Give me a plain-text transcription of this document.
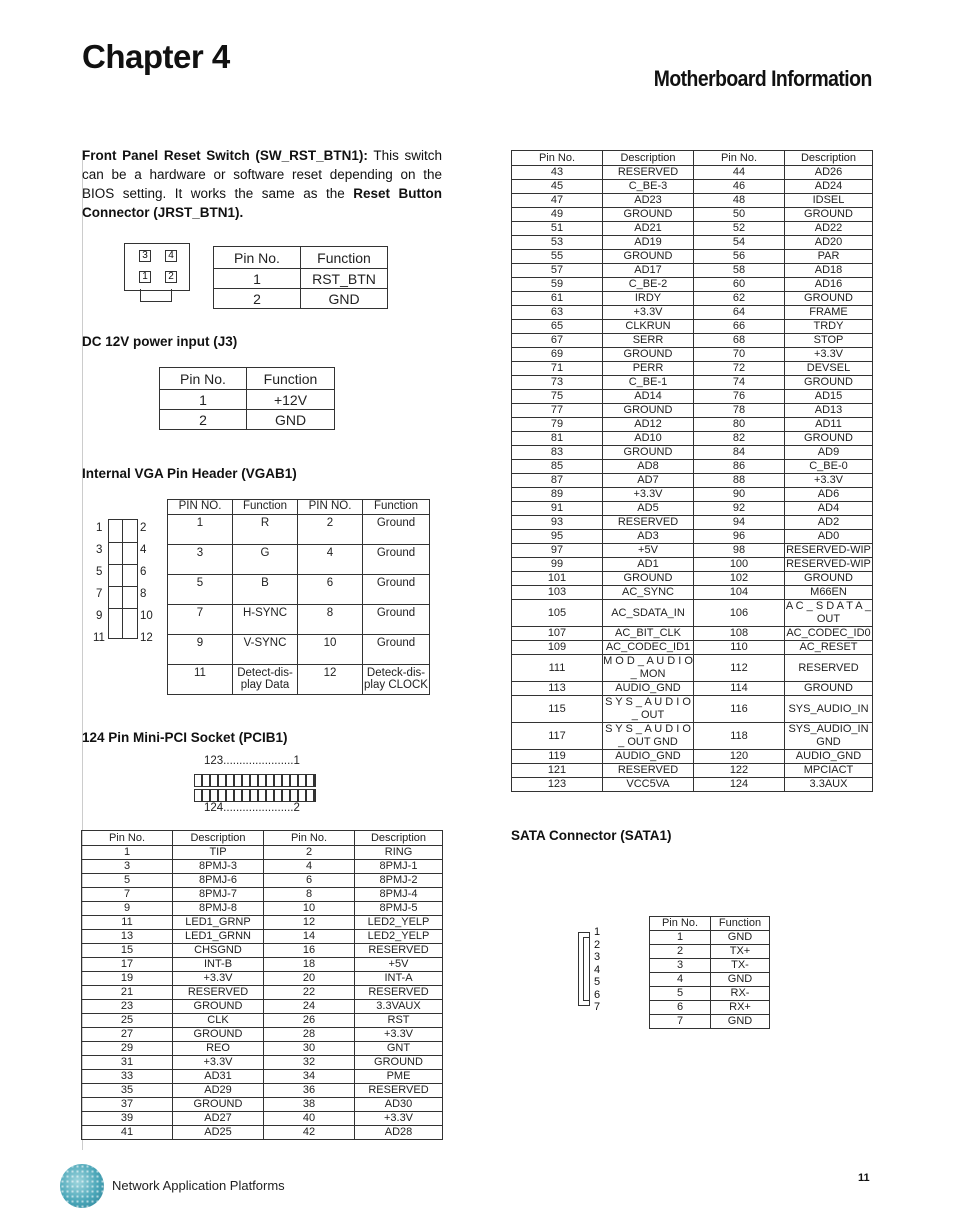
Chapter 4
Motherboard Information
Front Panel Reset Switch (SW_RST_BTN1): This switch can be a hardware or software reset depending on the BIOS setting. It works the same as the Reset Button Connector (JRST_BTN1).
3	4
1	2
Pin No.	Function
1	RST_BTN
2	GND
DC 12V power input (J3)
Pin No.	Function
1	+12V
2	GND
Internal VGA Pin Header (VGAB1)
1
3
5
7
9
11
2
4
6
8
10
12
PIN NO.	Function	PIN NO.	Function
1	R	2	Ground
3	G	4	Ground
5	B	6	Ground
7	H-SYNC	8	Ground
9	V-SYNC	10	Ground
11	Detect-dis-play Data	12	Deteck-dis-play CLOCK
124 Pin Mini-PCI Socket (PCIB1)
123......................1
124......................2
Pin No.	Description	Pin No.	Description
1	TIP	2	RING
3	8PMJ-3	4	8PMJ-1
5	8PMJ-6	6	8PMJ-2
7	8PMJ-7	8	8PMJ-4
9	8PMJ-8	10	8PMJ-5
11	LED1_GRNP	12	LED2_YELP
13	LED1_GRNN	14	LED2_YELP
15	CHSGND	16	RESERVED
17	INT-B	18	+5V
19	+3.3V	20	INT-A
21	RESERVED	22	RESERVED
23	GROUND	24	3.3VAUX
25	CLK	26	RST
27	GROUND	28	+3.3V
29	REO	30	GNT
31	+3.3V	32	GROUND
33	AD31	34	PME
35	AD29	36	RESERVED
37	GROUND	38	AD30
39	AD27	40	+3.3V
41	AD25	42	AD28
Pin No.	Description	Pin No.	Description
43	RESERVED	44	AD26
45	C_BE-3	46	AD24
47	AD23	48	IDSEL
49	GROUND	50	GROUND
51	AD21	52	AD22
53	AD19	54	AD20
55	GROUND	56	PAR
57	AD17	58	AD18
59	C_BE-2	60	AD16
61	IRDY	62	GROUND
63	+3.3V	64	FRAME
65	CLKRUN	66	TRDY
67	SERR	68	STOP
69	GROUND	70	+3.3V
71	PERR	72	DEVSEL
73	C_BE-1	74	GROUND
75	AD14	76	AD15
77	GROUND	78	AD13
79	AD12	80	AD11
81	AD10	82	GROUND
83	GROUND	84	AD9
85	AD8	86	C_BE-0
87	AD7	88	+3.3V
89	+3.3V	90	AD6
91	AD5	92	AD4
93	RESERVED	94	AD2
95	AD3	96	AD0
97	+5V	98	RESERVED-WIP
99	AD1	100	RESERVED-WIP
101	GROUND	102	GROUND
103	AC_SYNC	104	M66EN
105	AC_SDATA_IN	106	A C _ S D A T A _ OUT
107	AC_BIT_CLK	108	AC_CODEC_ID0
109	AC_CODEC_ID1	110	AC_RESET
111	M O D _ A U D I O _ MON	112	RESERVED
113	AUDIO_GND	114	GROUND
115	S Y S _ A U D I O _ OUT	116	SYS_AUDIO_IN
117	S Y S _ A U D I O _ OUT GND	118	SYS_AUDIO_IN GND
119	AUDIO_GND	120	AUDIO_GND
121	RESERVED	122	MPCIACT
123	VCC5VA	124	3.3AUX
SATA Connector (SATA1)
1
2
3
4
5
6
7
Pin No.	Function
1	GND
2	TX+
3	TX-
4	GND
5	RX-
6	RX+
7	GND
Network Application Platforms	11
